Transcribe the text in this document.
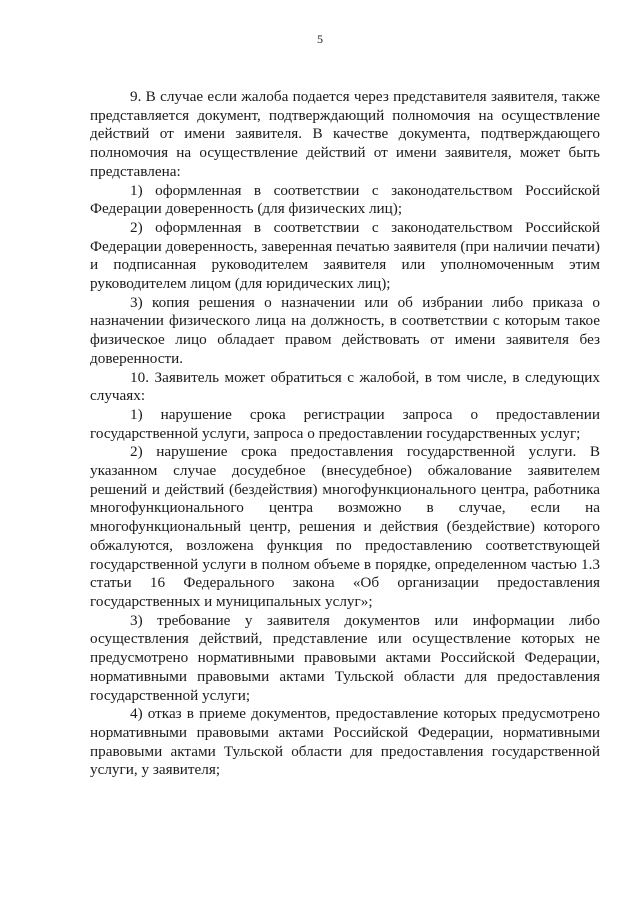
5

9. В случае если жалоба подается через представителя заявителя, также представляется документ, подтверждающий полномочия на осуществление действий от имени заявителя. В качестве документа, подтверждающего полномочия на осуществление действий от имени заявителя, может быть представлена:

1) оформленная в соответствии с законодательством Российской Федерации доверенность (для физических лиц);

2) оформленная в соответствии с законодательством Российской Федерации доверенность, заверенная печатью заявителя (при наличии печати) и подписанная руководителем заявителя или уполномоченным этим руководителем лицом (для юридических лиц);

3) копия решения о назначении или об избрании либо приказа о назначении физического лица на должность, в соответствии с которым такое физическое лицо обладает правом действовать от имени заявителя без доверенности.

10. Заявитель может обратиться с жалобой, в том числе, в следующих случаях:

1) нарушение срока регистрации запроса о предоставлении государственной услуги, запроса о предоставлении государственных услуг;

2) нарушение срока предоставления государственной услуги. В указанном случае досудебное (внесудебное) обжалование заявителем решений и действий (бездействия) многофункционального центра, работника многофункционального центра возможно в случае, если на многофункциональный центр, решения и действия (бездействие) которого обжалуются, возложена функция по предоставлению соответствующей государственной услуги в полном объеме в порядке, определенном частью 1.3 статьи 16 Федерального закона «Об организации предоставления государственных и муниципальных услуг»;

3) требование у заявителя документов или информации либо осуществления действий, представление или осуществление которых не предусмотрено нормативными правовыми актами Российской Федерации, нормативными правовыми актами Тульской области для предоставления государственной услуги;

4) отказ в приеме документов, предоставление которых предусмотрено нормативными правовыми актами Российской Федерации, нормативными правовыми актами Тульской области для предоставления государственной услуги, у заявителя;
